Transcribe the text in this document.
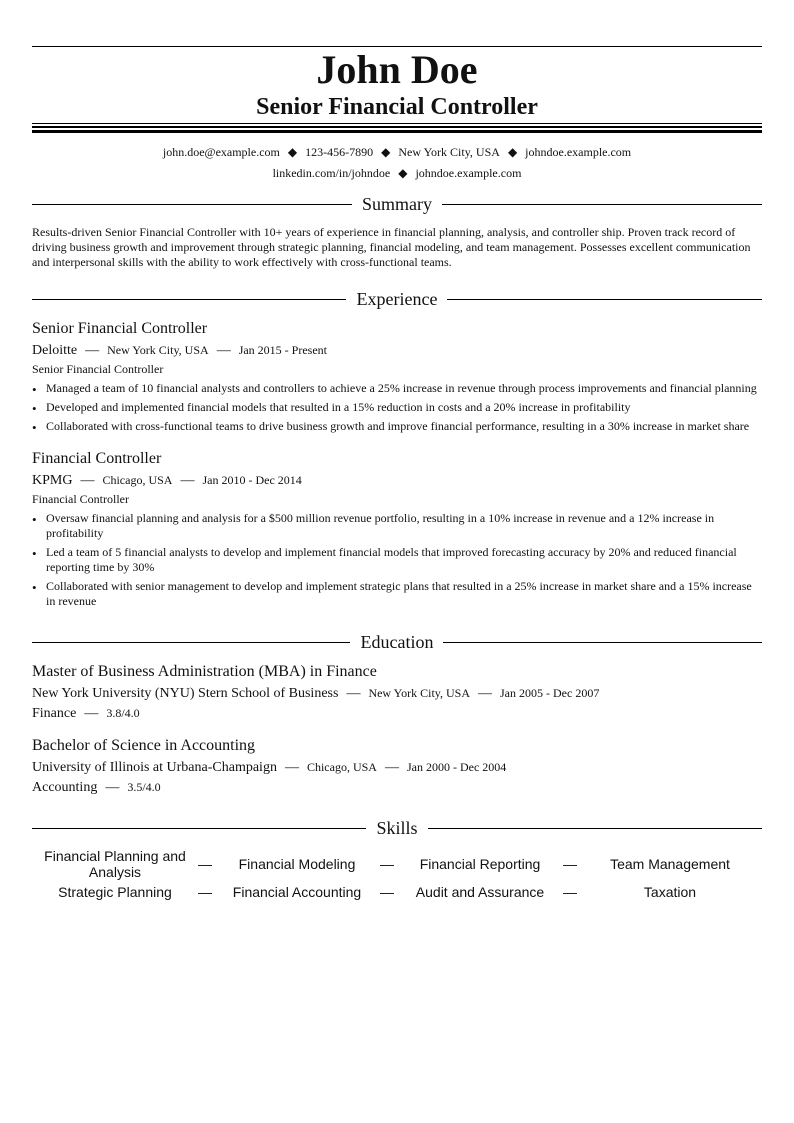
John Doe
Senior Financial Controller
john.doe@example.com ◆ 123-456-7890 ◆ New York City, USA ◆ johndoe.example.com
linkedin.com/in/johndoe ◆ johndoe.example.com
Summary
Results-driven Senior Financial Controller with 10+ years of experience in financial planning, analysis, and controller ship. Proven track record of driving business growth and improvement through strategic planning, financial modeling, and team management. Possesses excellent communication and interpersonal skills with the ability to work effectively with cross-functional teams.
Experience
Senior Financial Controller
Deloitte — New York City, USA — Jan 2015 - Present
Senior Financial Controller
• Managed a team of 10 financial analysts and controllers to achieve a 25% increase in revenue through process improvements and financial planning
• Developed and implemented financial models that resulted in a 15% reduction in costs and a 20% increase in profitability
• Collaborated with cross-functional teams to drive business growth and improve financial performance, resulting in a 30% increase in market share
Financial Controller
KPMG — Chicago, USA — Jan 2010 - Dec 2014
Financial Controller
• Oversaw financial planning and analysis for a $500 million revenue portfolio, resulting in a 10% increase in revenue and a 12% increase in profitability
• Led a team of 5 financial analysts to develop and implement financial models that improved forecasting accuracy by 20% and reduced financial reporting time by 30%
• Collaborated with senior management to develop and implement strategic plans that resulted in a 25% increase in market share and a 15% increase in revenue
Education
Master of Business Administration (MBA) in Finance
New York University (NYU) Stern School of Business — New York City, USA — Jan 2005 - Dec 2007
Finance — 3.8/4.0
Bachelor of Science in Accounting
University of Illinois at Urbana-Champaign — Chicago, USA — Jan 2000 - Dec 2004
Accounting — 3.5/4.0
Skills
Financial Planning and Analysis	—	Financial Modeling	—	Financial Reporting	—	Team Management
Strategic Planning	—	Financial Accounting	—	Audit and Assurance	—	Taxation
